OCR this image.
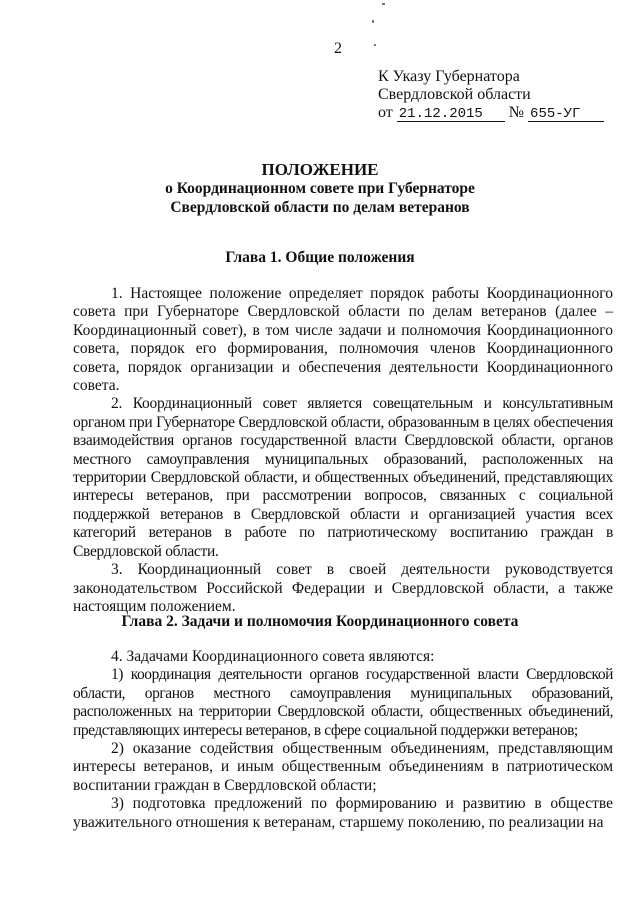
2
К Указу Губернатора
Свердловской области
от 21.12.2015 № 655-УГ
ПОЛОЖЕНИЕ
о Координационном совете при Губернаторе
Свердловской области по делам ветеранов
Глава 1. Общие положения

1. Настоящее положение определяет порядок работы Координационного совета при Губернаторе Свердловской области по делам ветеранов (далее – Координационный совет), в том числе задачи и полномочия Координационного совета, порядок его формирования, полномочия членов Координационного совета, порядок организации и обеспечения деятельности Координационного совета.

2. Координационный совет является совещательным и консультативным органом при Губернаторе Свердловской области, образованным в целях обеспечения взаимодействия органов государственной власти Свердловской области, органов местного самоуправления муниципальных образований, расположенных на территории Свердловской области, и общественных объединений, представляющих интересы ветеранов, при рассмотрении вопросов, связанных с социальной поддержкой ветеранов в Свердловской области и организацией участия всех категорий ветеранов в работе по патриотическому воспитанию граждан в Свердловской области.

3. Координационный совет в своей деятельности руководствуется законодательством Российской Федерации и Свердловской области, а также настоящим положением.

Глава 2. Задачи и полномочия Координационного совета

4. Задачами Координационного совета являются:

1) координация деятельности органов государственной власти Свердловской области, органов местного самоуправления муниципальных образований, расположенных на территории Свердловской области, общественных объединений, представляющих интересы ветеранов, в сфере социальной поддержки ветеранов;

2) оказание содействия общественным объединениям, представляющим интересы ветеранов, и иным общественным объединениям в патриотическом воспитании граждан в Свердловской области;

3) подготовка предложений по формированию и развитию в обществе уважительного отношения к ветеранам, старшему поколению, по реализации на
